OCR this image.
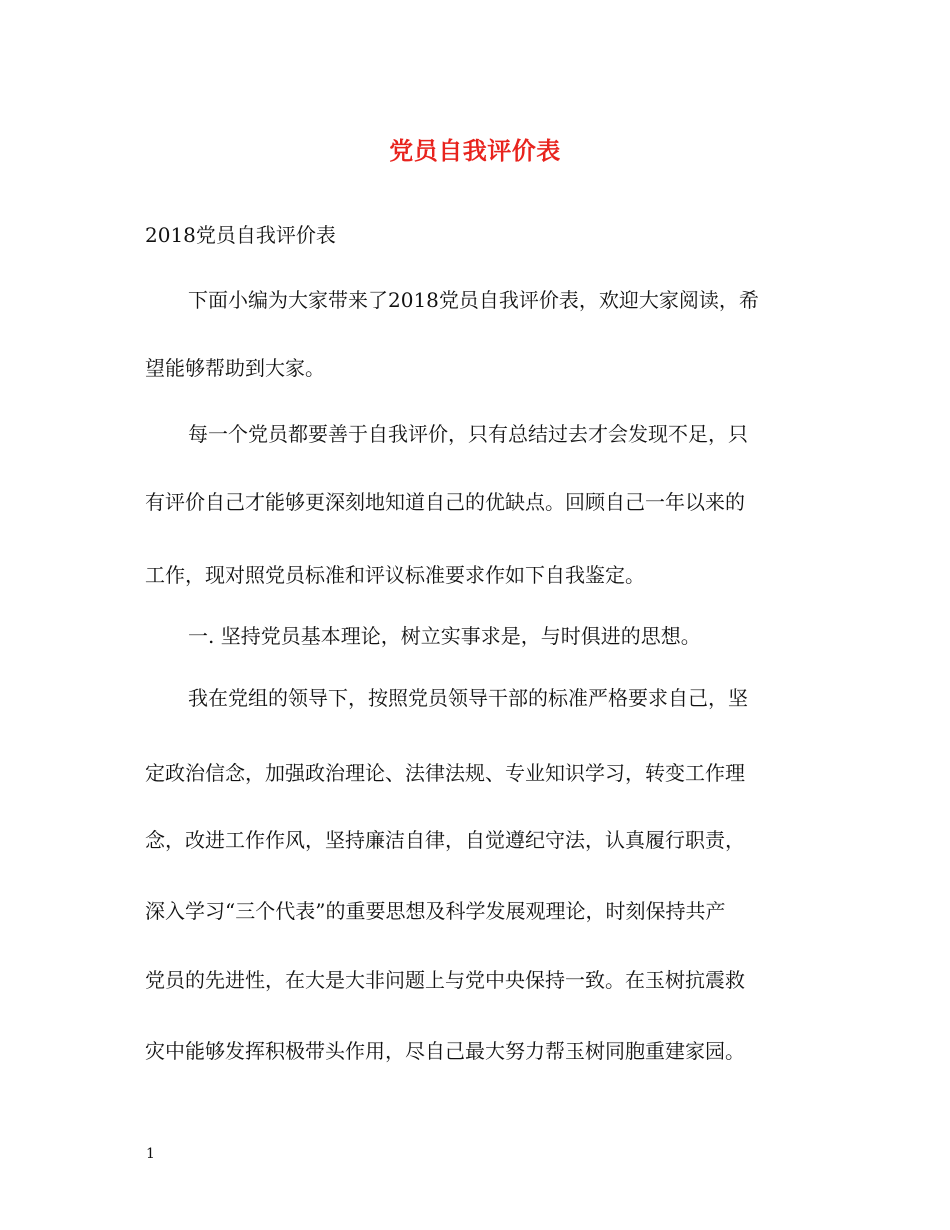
党员自我评价表
2018党员自我评价表
下面小编为大家带来了2018党员自我评价表，欢迎大家阅读，希
望能够帮助到大家。
每一个党员都要善于自我评价，只有总结过去才会发现不足，只
有评价自己才能够更深刻地知道自己的优缺点。回顾自己一年以来的
工作，现对照党员标准和评议标准要求作如下自我鉴定。
一. 坚持党员基本理论，树立实事求是，与时俱进的思想。
我在党组的领导下，按照党员领导干部的标准严格要求自己，坚
定政治信念，加强政治理论、法律法规、专业知识学习，转变工作理
念，改进工作作风，坚持廉洁自律，自觉遵纪守法，认真履行职责，
深入学习“三个代表”的重要思想及科学发展观理论，时刻保持共产
党员的先进性，在大是大非问题上与党中央保持一致。在玉树抗震救
灾中能够发挥积极带头作用，尽自己最大努力帮玉树同胞重建家园。
1
